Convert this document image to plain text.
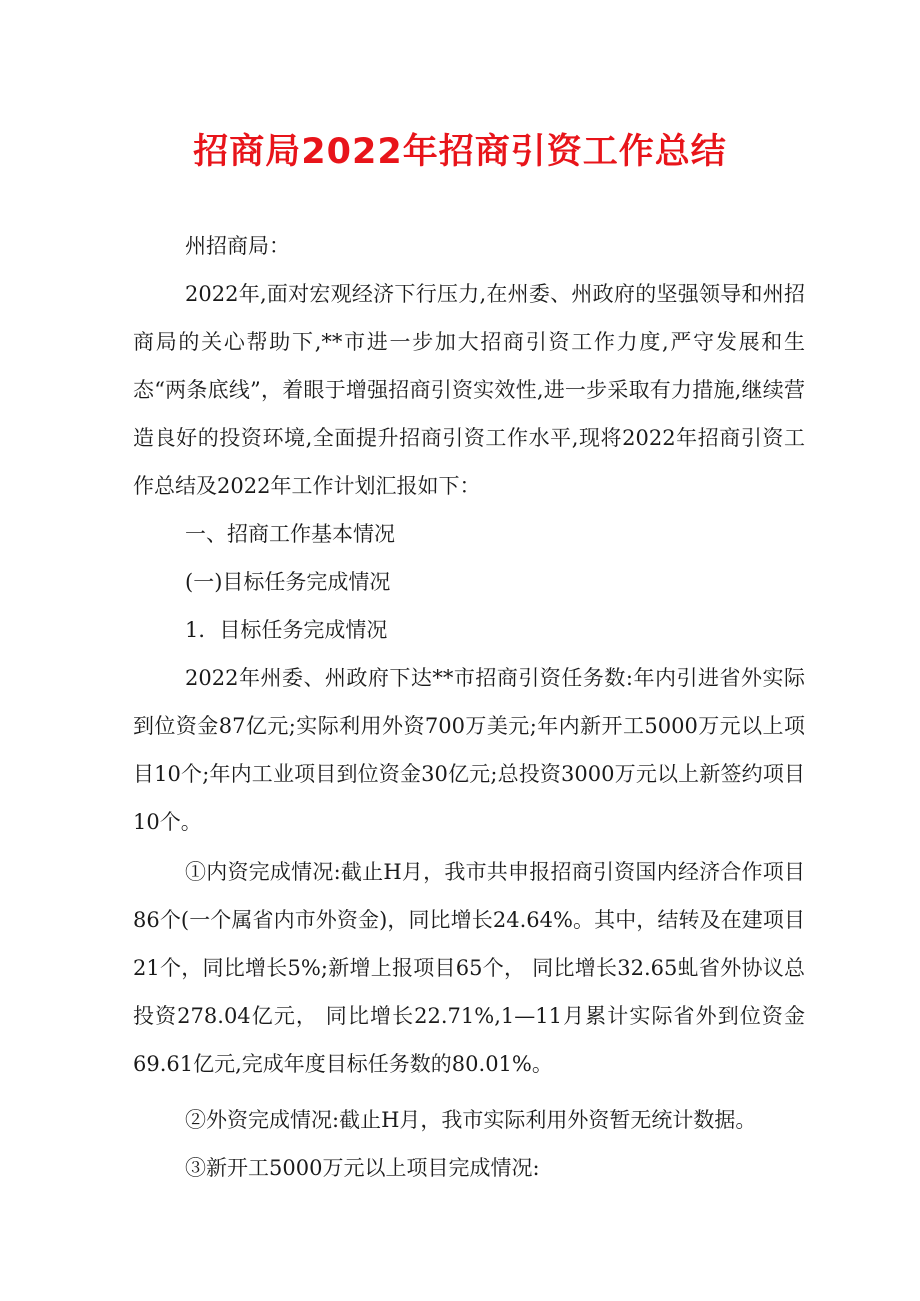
招商局2022年招商引资工作总结

州招商局：

2022年,面对宏观经济下行压力,在州委、州政府的坚强领导和州招商局的关心帮助下,**市进一步加大招商引资工作力度,严守发展和生态“两条底线”，着眼于增强招商引资实效性,进一步采取有力措施,继续营造良好的投资环境,全面提升招商引资工作水平,现将2022年招商引资工作总结及2022年工作计划汇报如下：

一、招商工作基本情况

(一)目标任务完成情况

1．目标任务完成情况

2022年州委、州政府下达**市招商引资任务数:年内引进省外实际到位资金87亿元;实际利用外资700万美元;年内新开工5000万元以上项目10个;年内工业项目到位资金30亿元;总投资3000万元以上新签约项目10个。

①内资完成情况:截止H月，我市共申报招商引资国内经济合作项目86个(一个属省内市外资金)，同比增长24.64%。其中，结转及在建项目21个，同比增长5%;新增上报项目65个， 同比增长32.65虬省外协议总投资278.04亿元， 同比增长22.71%,1—11月累计实际省外到位资金69.61亿元,完成年度目标任务数的80.01%。

②外资完成情况:截止H月，我市实际利用外资暂无统计数据。

③新开工5000万元以上项目完成情况:
